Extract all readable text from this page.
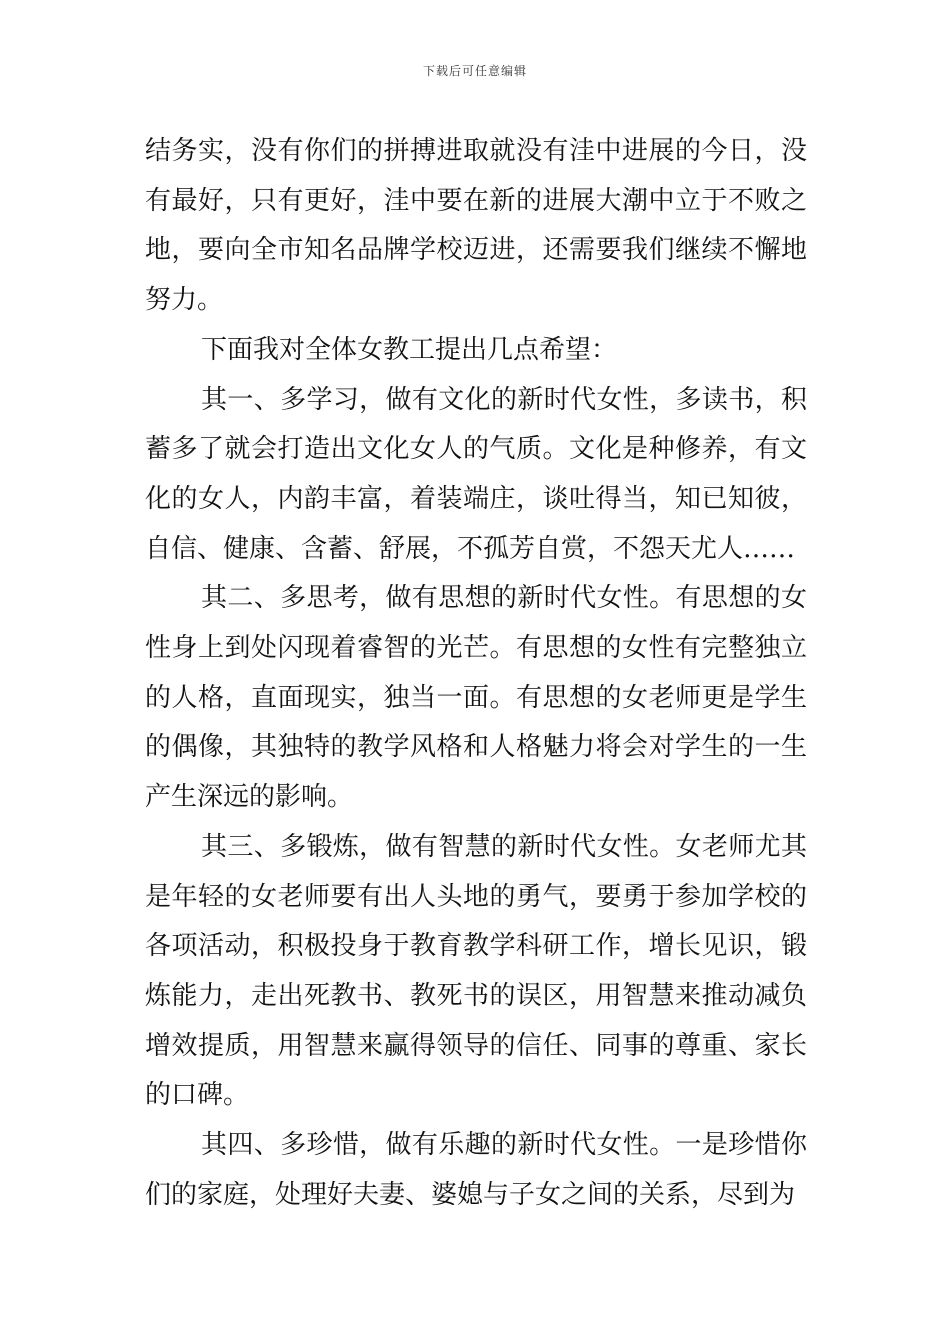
下载后可任意编辑

结务实，没有你们的拼搏进取就没有洼中进展的今日，没有最好，只有更好，洼中要在新的进展大潮中立于不败之地，要向全市知名品牌学校迈进，还需要我们继续不懈地努力。

下面我对全体女教工提出几点希望：

其一、多学习，做有文化的新时代女性，多读书，积蓄多了就会打造出文化女人的气质。文化是种修养，有文化的女人，内韵丰富，着装端庄，谈吐得当，知已知彼，自信、健康、含蓄、舒展，不孤芳自赏，不怨天尤人……

其二、多思考，做有思想的新时代女性。有思想的女性身上到处闪现着睿智的光芒。有思想的女性有完整独立的人格，直面现实，独当一面。有思想的女老师更是学生的偶像，其独特的教学风格和人格魅力将会对学生的一生产生深远的影响。

其三、多锻炼，做有智慧的新时代女性。女老师尤其是年轻的女老师要有出人头地的勇气，要勇于参加学校的各项活动，积极投身于教育教学科研工作，增长见识，锻炼能力，走出死教书、教死书的误区，用智慧来推动减负增效提质，用智慧来赢得领导的信任、同事的尊重、家长的口碑。

其四、多珍惜，做有乐趣的新时代女性。一是珍惜你们的家庭，处理好夫妻、婆媳与子女之间的关系，尽到为
